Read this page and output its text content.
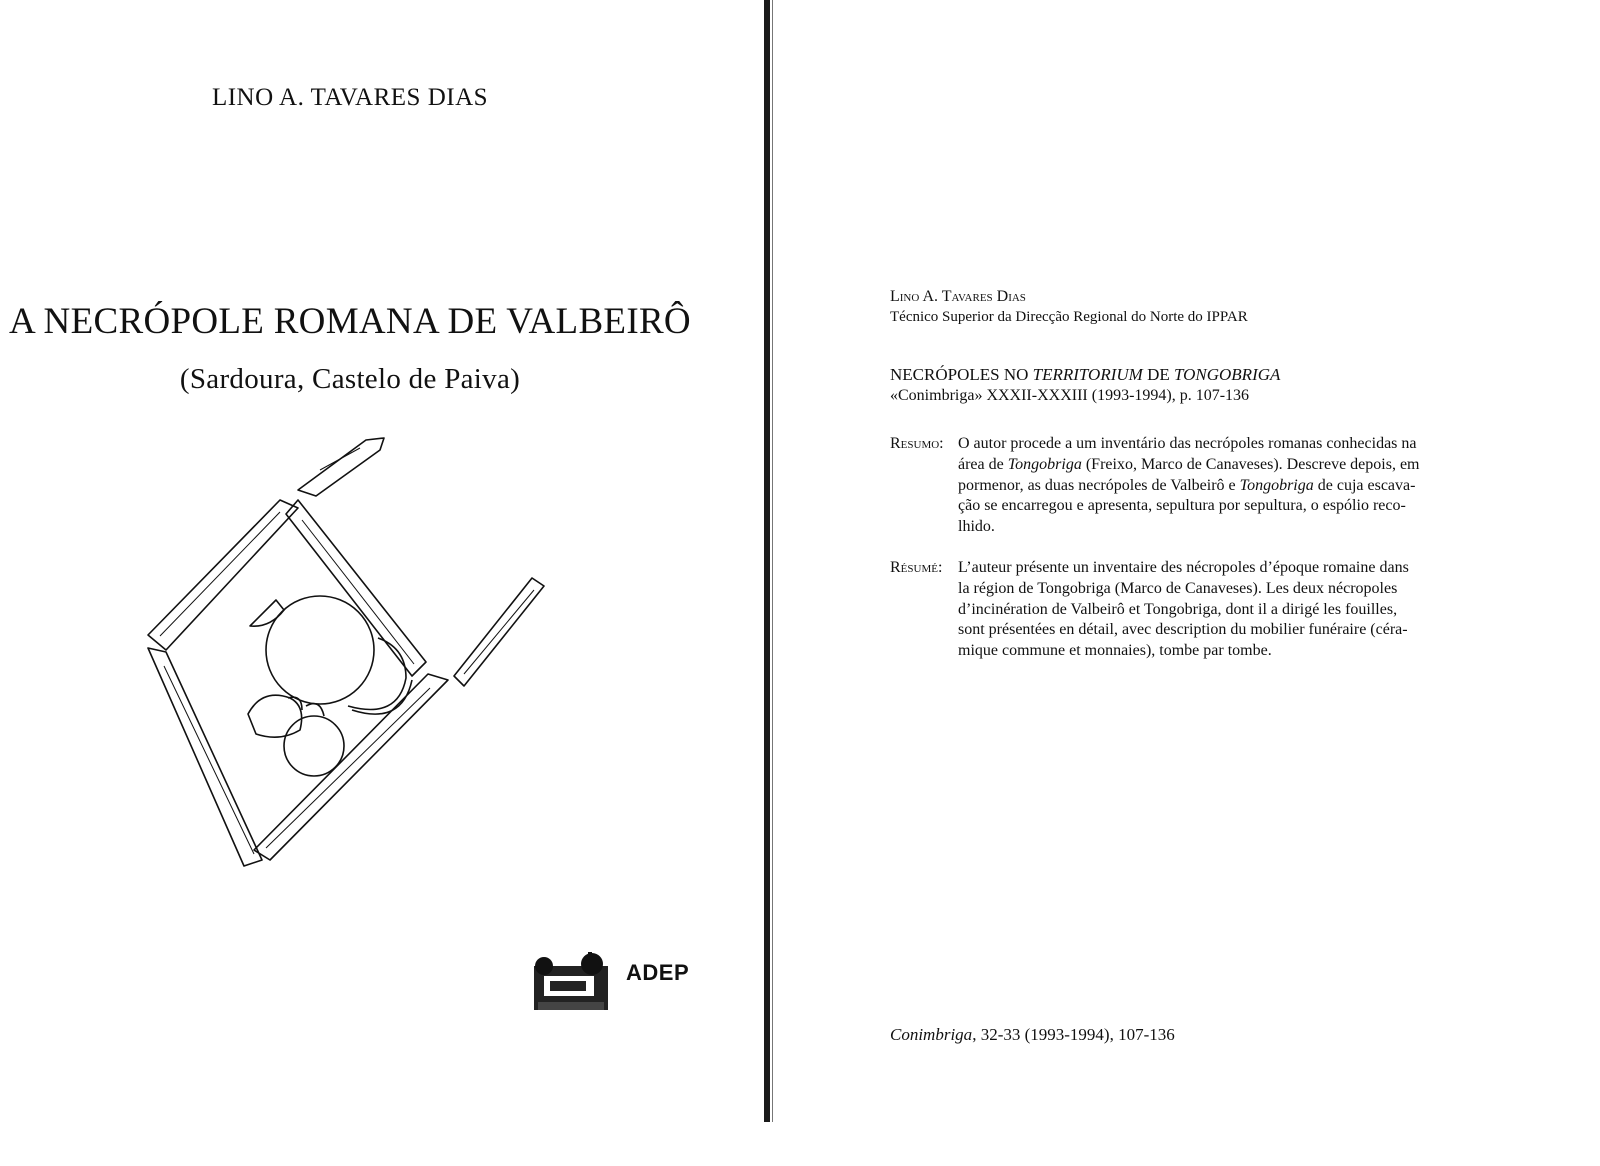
LINO A. TAVARES DIAS
A NECRÓPOLE ROMANA DE VALBEIRÔ
(Sardoura, Castelo de Paiva)
ADEP
Lino A. Tavares Dias
Técnico Superior da Direcção Regional do Norte do IPPAR
NECRÓPOLES NO TERRITORIUM DE TONGOBRIGA
«Conimbriga» XXXII-XXXIII (1993-1994), p. 107-136
Resumo: O autor procede a um inventário das necrópoles romanas conhecidas na
área de Tongobriga (Freixo, Marco de Canaveses). Descreve depois, em
pormenor, as duas necrópoles de Valbeirô e Tongobriga de cuja escava-
ção se encarregou e apresenta, sepultura por sepultura, o espólio reco-
lhido.
Résumé: L’auteur présente un inventaire des nécropoles d’époque romaine dans
la région de Tongobriga (Marco de Canaveses). Les deux nécropoles
d’incinération de Valbeirô et Tongobriga, dont il a dirigé les fouilles,
sont présentées en détail, avec description du mobilier funéraire (céra-
mique commune et monnaies), tombe par tombe.
Conimbriga, 32-33 (1993-1994), 107-136
